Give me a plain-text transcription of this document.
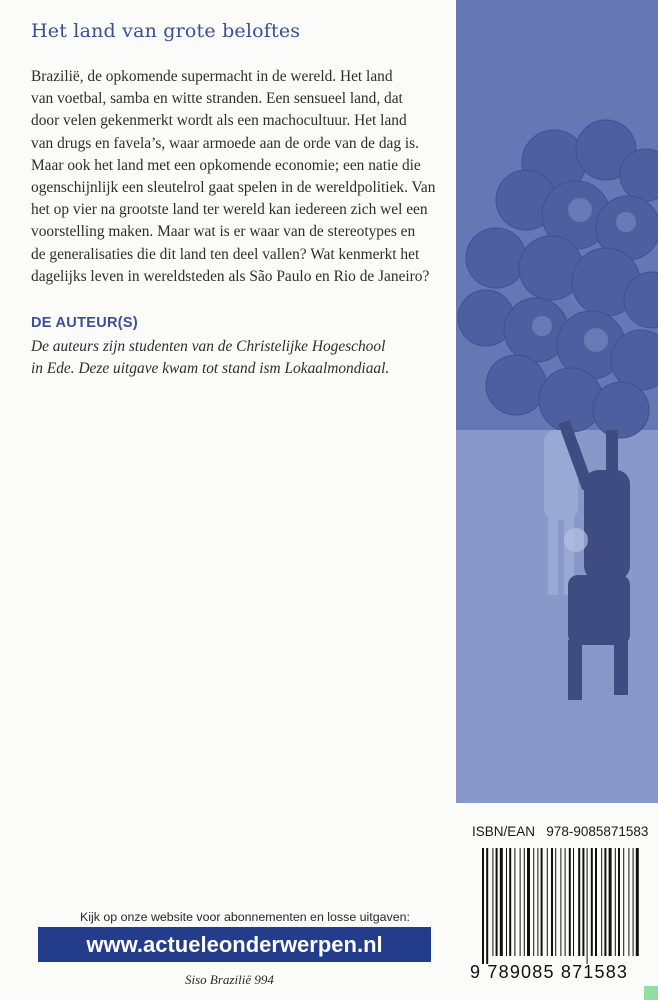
Het land van grote beloftes
Brazilië, de opkomende supermacht in de wereld. Het land
van voetbal, samba en witte stranden. Een sensueel land, dat
door velen gekenmerkt wordt als een machocultuur. Het land
van drugs en favela’s, waar armoede aan de orde van de dag is.
Maar ook het land met een opkomende economie; een natie die
ogenschijnlijk een sleutelrol gaat spelen in de wereldpolitiek. Van
het op vier na grootste land ter wereld kan iedereen zich wel een
voorstelling maken. Maar wat is er waar van de stereotypes en
de generalisaties die dit land ten deel vallen? Wat kenmerkt het
dagelijks leven in wereldsteden als São Paulo en Rio de Janeiro?
DE AUTEUR(S)
De auteurs zijn studenten van de Christelijke Hogeschool
in Ede. Deze uitgave kwam tot stand ism Lokaalmondiaal.
ISBN/EAN 978-9085871583
9 789085 871583
Kijk op onze website voor abonnementen en losse uitgaven:
www.actueleonderwerpen.nl
Siso Brazilië 994
